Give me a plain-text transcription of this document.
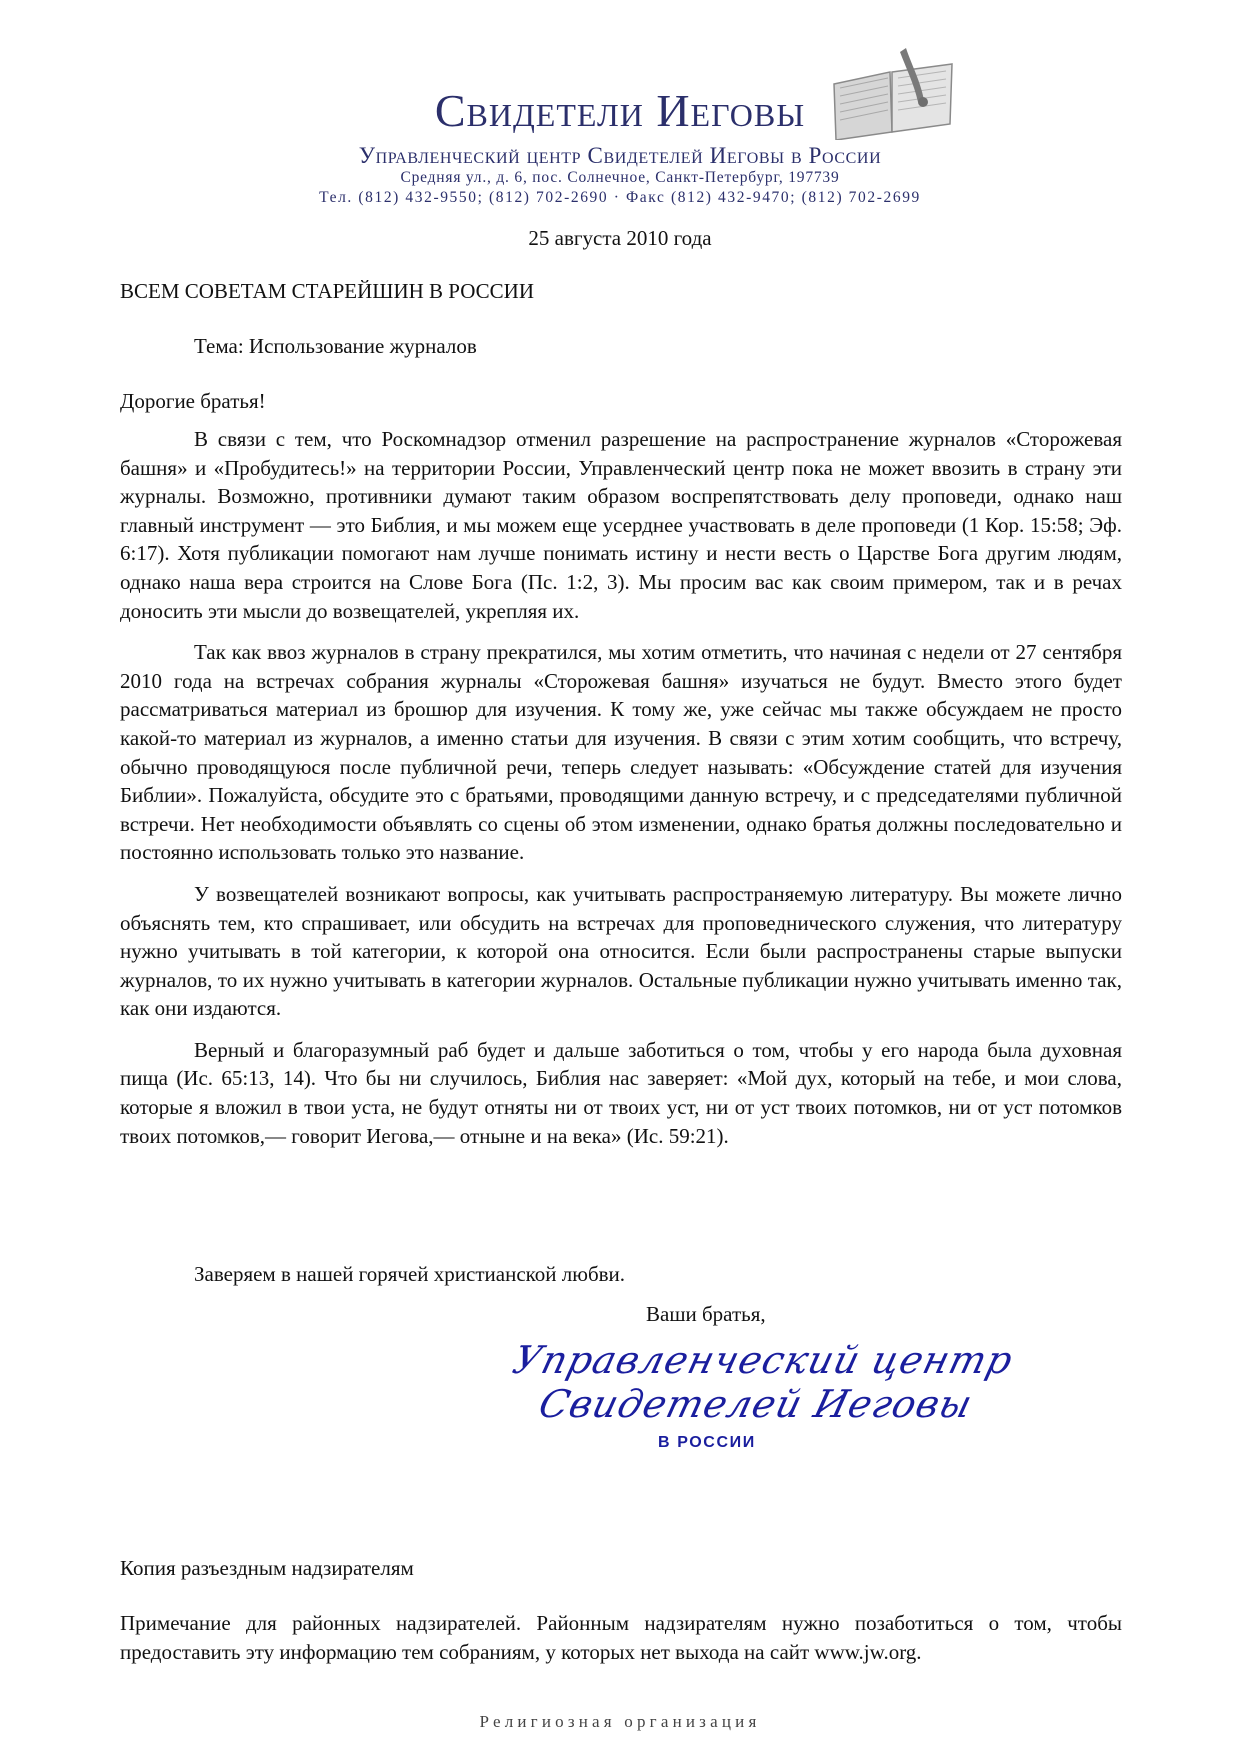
Свидетели Иеговы
Управленческий центр Свидетелей Иеговы в России
Средняя ул., д. 6, пос. Солнечное, Санкт-Петербург, 197739
Тел. (812) 432-9550; (812) 702-2690 · Факс (812) 432-9470; (812) 702-2699
25 августа 2010 года
ВСЕМ СОВЕТАМ СТАРЕЙШИН В РОССИИ
Тема: Использование журналов
Дорогие братья!

В связи с тем, что Роскомнадзор отменил разрешение на распространение журналов «Сторожевая башня» и «Пробудитесь!» на территории России, Управленческий центр пока не может ввозить в страну эти журналы. Возможно, противники думают таким образом воспрепятствовать делу проповеди, однако наш главный инструмент — это Библия, и мы можем еще усерднее участвовать в деле проповеди (1 Кор. 15:58; Эф. 6:17). Хотя публикации помогают нам лучше понимать истину и нести весть о Царстве Бога другим людям, однако наша вера строится на Слове Бога (Пс. 1:2, 3). Мы просим вас как своим примером, так и в речах доносить эти мысли до возвещателей, укрепляя их.

Так как ввоз журналов в страну прекратился, мы хотим отметить, что начиная с недели от 27 сентября 2010 года на встречах собрания журналы «Сторожевая башня» изучаться не будут. Вместо этого будет рассматриваться материал из брошюр для изучения. К тому же, уже сейчас мы также обсуждаем не просто какой-то материал из журналов, а именно статьи для изучения. В связи с этим хотим сообщить, что встречу, обычно проводящуюся после публичной речи, теперь следует называть: «Обсуждение статей для изучения Библии». Пожалуйста, обсудите это с братьями, проводящими данную встречу, и с председателями публичной встречи. Нет необходимости объявлять со сцены об этом изменении, однако братья должны последовательно и постоянно использовать только это название.

У возвещателей возникают вопросы, как учитывать распространяемую литературу. Вы можете лично объяснять тем, кто спрашивает, или обсудить на встречах для проповеднического служения, что литературу нужно учитывать в той категории, к которой она относится. Если были распространены старые выпуски журналов, то их нужно учитывать в категории журналов. Остальные публикации нужно учитывать именно так, как они издаются.

Верный и благоразумный раб будет и дальше заботиться о том, чтобы у его народа была духовная пища (Ис. 65:13, 14). Что бы ни случилось, Библия нас заверяет: «Мой дух, который на тебе, и мои слова, которые я вложил в твои уста, не будут отняты ни от твоих уст, ни от уст твоих потомков, ни от уст потомков твоих потомков,— говорит Иегова,— отныне и на века» (Ис. 59:21).

Заверяем в нашей горячей христианской любви.
Ваши братья,
Управленческий центр
Свидетелей Иеговы
В РОССИИ
Копия разъездным надзирателям
Примечание для районных надзирателей. Районным надзирателям нужно позаботиться о том, чтобы предоставить эту информацию тем собраниям, у которых нет выхода на сайт www.jw.org.
Религиозная организация
